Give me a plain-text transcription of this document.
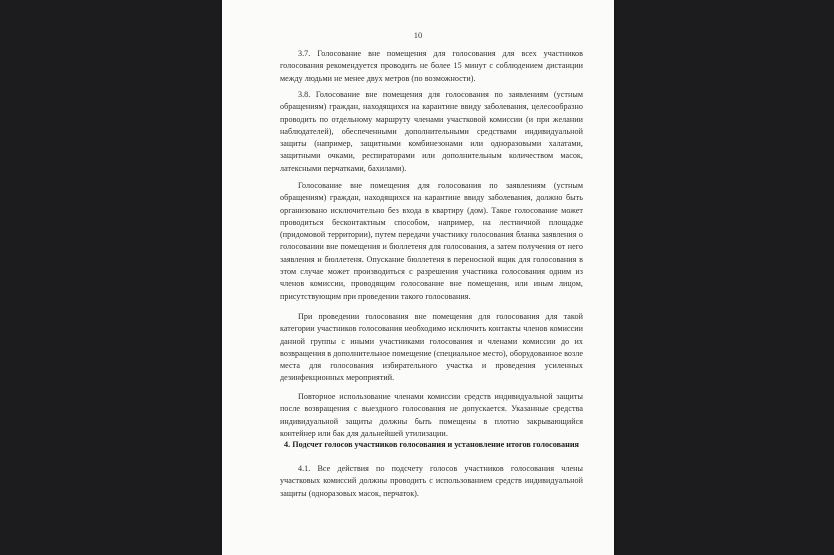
10
3.7. Голосование вне помещения для голосования для всех участников голосования рекомендуется проводить не более 15 минут с соблюдением дистанции между людьми не менее двух метров (по возможности).
3.8. Голосование вне помещения для голосования по заявлениям (устным обращениям) граждан, находящихся на карантине ввиду заболевания, целесообразно проводить по отдельному маршруту членами участковой комиссии (и при желании наблюдателей), обеспеченными дополнительными средствами индивидуальной защиты (например, защитными комбинезонами или одноразовыми халатами, защитными очками, респираторами или дополнительным количеством масок, латексными перчатками, бахилами).
Голосование вне помещения для голосования по заявлениям (устным обращениям) граждан, находящихся на карантине ввиду заболевания, должно быть организовано исключительно без входа в квартиру (дом). Такое голосование может проводиться бесконтактным способом, например, на лестничной площадке (придомовой территории), путем передачи участнику голосования бланка заявления о голосовании вне помещения и бюллетеня для голосования, а затем получения от него заявления и бюллетеня. Опускание бюллетеня в переносной ящик для голосования в этом случае может производиться с разрешения участника голосования одним из членов комиссии, проводящим голосование вне помещения, или иным лицом, присутствующим при проведении такого голосования.
При проведении голосования вне помещения для голосования для такой категории участников голосования необходимо исключить контакты членов комиссии данной группы с иными участниками голосования и членами комиссии до их возвращения в дополнительное помещение (специальное место), оборудованное возле места для голосования избирательного участка и проведения усиленных дезинфекционных мероприятий.
Повторное использование членами комиссии средств индивидуальной защиты после возвращения с выездного голосования не допускается. Указанные средства индивидуальной защиты должны быть помещены в плотно закрывающийся контейнер или бак для дальнейшей утилизации.
4. Подсчет голосов участников голосования и установление итогов голосования
4.1. Все действия по подсчету голосов участников голосования члены участковых комиссий должны проводить с использованием средств индивидуальной защиты (одноразовых масок, перчаток).
